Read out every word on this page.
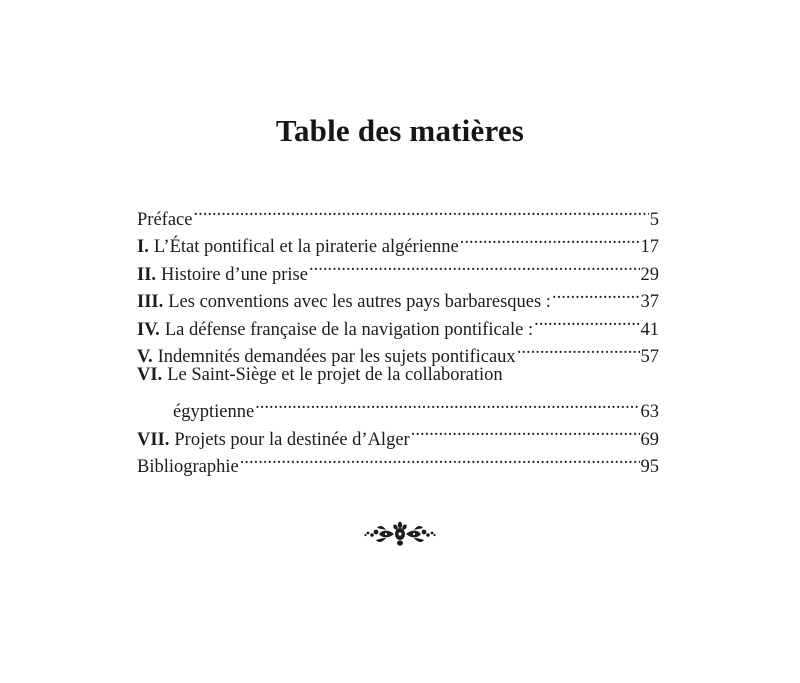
Table des matières
Préface .....	5
I. L’État pontifical et la piraterie algérienne .....	17
II. Histoire d’une prise .....	29
III. Les conventions avec les autres pays barbaresques : .....	37
IV. La défense française de la navigation pontificale : .....	41
V. Indemnités demandées par les sujets pontificaux .....	57
VI. Le Saint-Siège et le projet de la collaboration
égyptienne .....	63
VII. Projets pour la destinée d’Alger .....	69
Bibliographie .....	95
